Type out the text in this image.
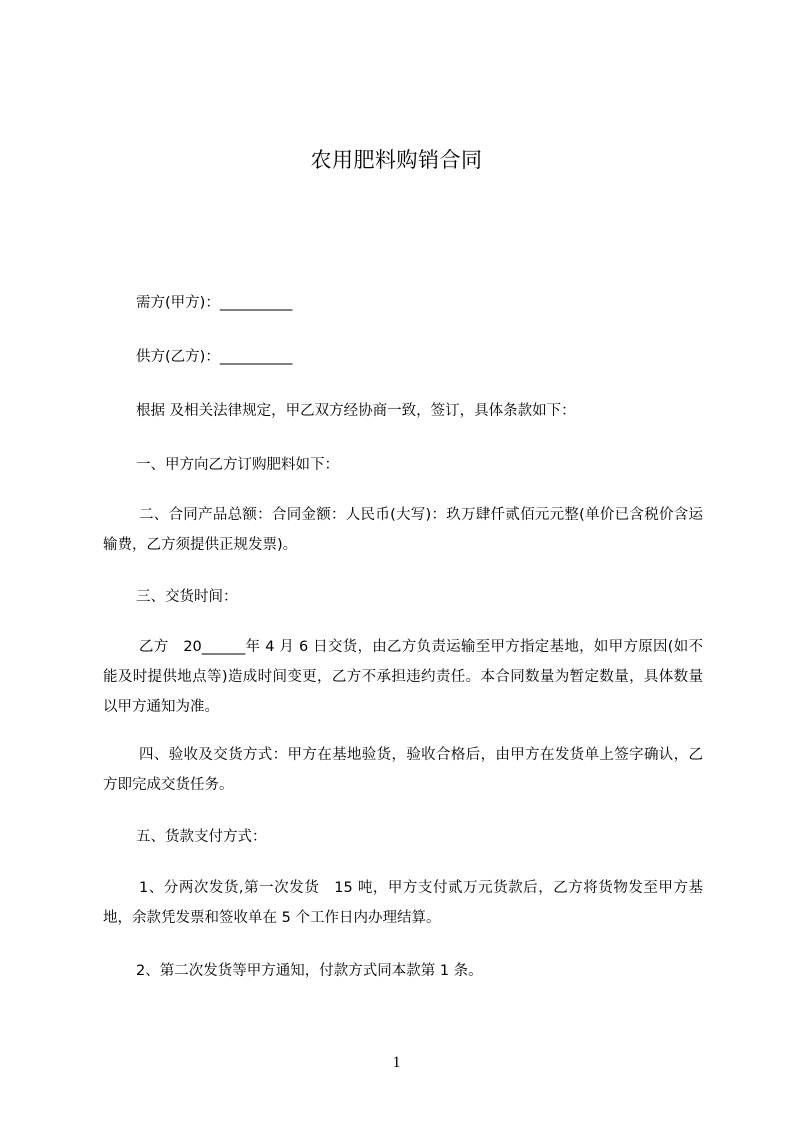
农用肥料购销合同
需方(甲方)：__________
供方(乙方)：__________
根据 及相关法律规定，甲乙双方经协商一致，签订，具体条款如下：
一、甲方向乙方订购肥料如下：
二、合同产品总额：合同金额：人民币(大写)：玖万肆仟贰佰元元整(单价已含税价含运输费，乙方须提供正规发票)。
三、交货时间：
乙方　20______年 4 月 6 日交货，由乙方负责运输至甲方指定基地，如甲方原因(如不能及时提供地点等)造成时间变更，乙方不承担违约责任。本合同数量为暂定数量，具体数量以甲方通知为准。
四、验收及交货方式：甲方在基地验货，验收合格后，由甲方在发货单上签字确认，乙方即完成交货任务。
五、货款支付方式：
1、分两次发货,第一次发货　15 吨，甲方支付贰万元货款后，乙方将货物发至甲方基地，余款凭发票和签收单在 5 个工作日内办理结算。
2、第二次发货等甲方通知，付款方式同本款第 1 条。
1
